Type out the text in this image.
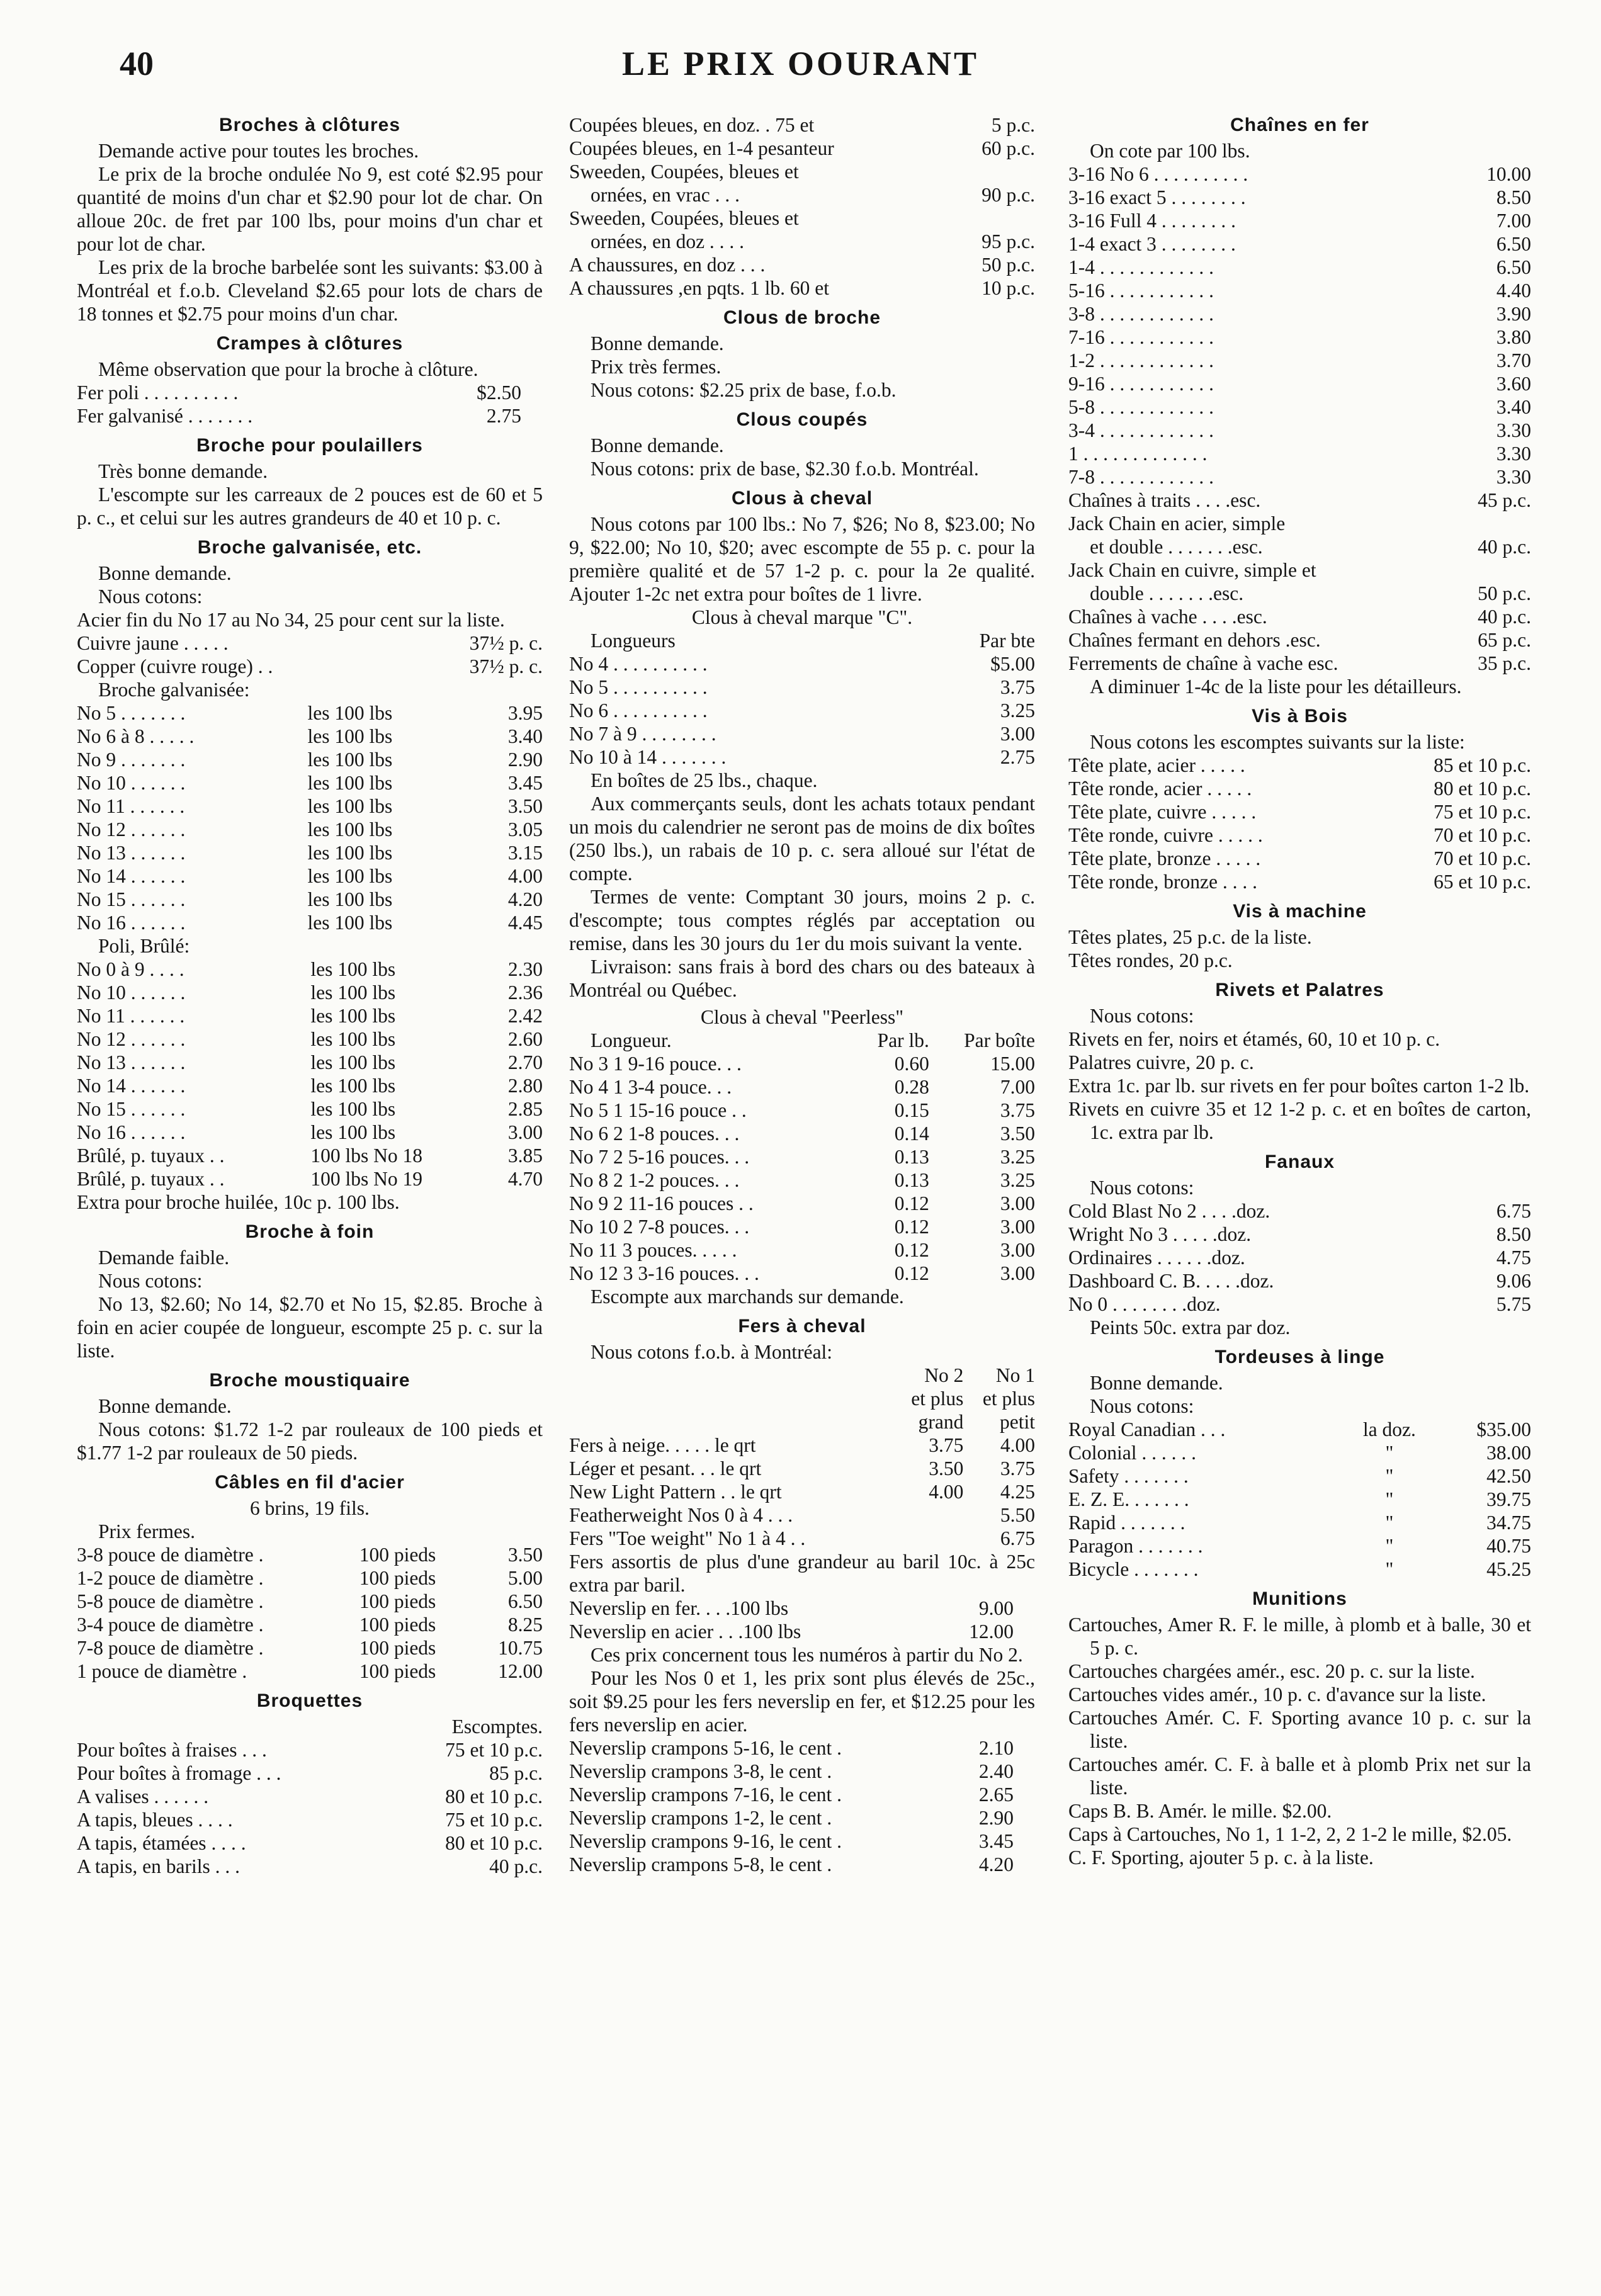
40	LE PRIX OOURANT
Broches à clôtures
Demande active pour toutes les broches.
Le prix de la broche ondulée No 9, est coté $2.95 pour quantité de moins d'un char et $2.90 pour lot de char. On alloue 20c. de fret par 100 lbs, pour moins d'un char et pour lot de char.
Les prix de la broche barbelée sont les suivants: $3.00 à Montréal et f.o.b. Cleveland $2.65 pour lots de chars de 18 tonnes et $2.75 pour moins d'un char.
Crampes à clôtures
Même observation que pour la broche à clôture.
Fer poli . . . . . . . . . .	$2.50
Fer galvanisé . . . . . . .	2.75
Broche pour poulaillers
Très bonne demande.
L'escompte sur les carreaux de 2 pouces est de 60 et 5 p. c., et celui sur les autres grandeurs de 40 et 10 p. c.
Broche galvanisée, etc.
Bonne demande.
Nous cotons:
Acier fin du No 17 au No 34, 25 pour cent sur la liste.
Cuivre jaune . . . . .	37½ p. c.
Copper (cuivre rouge) . .	37½ p. c.
Broche galvanisée:
No 5 . . . . . . .	les 100 lbs	3.95
No 6 à 8 . . . . .	les 100 lbs	3.40
No 9 . . . . . . .	les 100 lbs	2.90
No 10 . . . . . .	les 100 lbs	3.45
No 11 . . . . . .	les 100 lbs	3.50
No 12 . . . . . .	les 100 lbs	3.05
No 13 . . . . . .	les 100 lbs	3.15
No 14 . . . . . .	les 100 lbs	4.00
No 15 . . . . . .	les 100 lbs	4.20
No 16 . . . . . .	les 100 lbs	4.45
Poli, Brûlé:
No 0 à 9 . . . .	les 100 lbs	2.30
No 10 . . . . . .	les 100 lbs	2.36
No 11 . . . . . .	les 100 lbs	2.42
No 12 . . . . . .	les 100 lbs	2.60
No 13 . . . . . .	les 100 lbs	2.70
No 14 . . . . . .	les 100 lbs	2.80
No 15 . . . . . .	les 100 lbs	2.85
No 16 . . . . . .	les 100 lbs	3.00
Brûlé, p. tuyaux . .	100 lbs No 18	3.85
Brûlé, p. tuyaux . .	100 lbs No 19	4.70
Extra pour broche huilée, 10c p. 100 lbs.
Broche à foin
Demande faible.
Nous cotons:
No 13, $2.60; No 14, $2.70 et No 15, $2.85. Broche à foin en acier coupée de longueur, escompte 25 p. c. sur la liste.
Broche moustiquaire
Bonne demande.
Nous cotons: $1.72 1-2 par rouleaux de 100 pieds et $1.77 1-2 par rouleaux de 50 pieds.
Câbles en fil d'acier
6 brins, 19 fils.
Prix fermes.
3-8 pouce de diamètre .	100 pieds	3.50
1-2 pouce de diamètre .	100 pieds	5.00
5-8 pouce de diamètre .	100 pieds	6.50
3-4 pouce de diamètre .	100 pieds	8.25
7-8 pouce de diamètre .	100 pieds	10.75
1 pouce de diamètre .	100 pieds	12.00
Broquettes
Escomptes.
Pour boîtes à fraises . . .	75 et 10 p.c.
Pour boîtes à fromage . . .	85 p.c.
A valises . . . . . .	80 et 10 p.c.
A tapis, bleues . . . .	75 et 10 p.c.
A tapis, étamées . . . .	80 et 10 p.c.
A tapis, en barils . . .	40 p.c.
Coupées bleues, en doz. . 75 et	5 p.c.
Coupées bleues, en 1-4 pesanteur	60 p.c.
Sweeden, Coupées, bleues et
ornées, en vrac . . .	90 p.c.
Sweeden, Coupées, bleues et
ornées, en doz . . . .	95 p.c.
A chaussures, en doz . . .	50 p.c.
A chaussures ,en pqts. 1 lb. 60 et	10 p.c.
Clous de broche
Bonne demande.
Prix très fermes.
Nous cotons: $2.25 prix de base, f.o.b.
Clous coupés
Bonne demande.
Nous cotons: prix de base, $2.30 f.o.b. Montréal.
Clous à cheval
Nous cotons par 100 lbs.: No 7, $26; No 8, $23.00; No 9, $22.00; No 10, $20; avec escompte de 55 p. c. pour la première qualité et de 57 1-2 p. c. pour la 2e qualité. Ajouter 1-2c net extra pour boîtes de 1 livre.
Clous à cheval marque "C".
Longueurs	Par bte
No 4 . . . . . . . . . .	$5.00
No 5 . . . . . . . . . .	3.75
No 6 . . . . . . . . . .	3.25
No 7 à 9 . . . . . . . .	3.00
No 10 à 14 . . . . . . .	2.75
En boîtes de 25 lbs., chaque.
Aux commerçants seuls, dont les achats totaux pendant un mois du calendrier ne seront pas de moins de dix boîtes (250 lbs.), un rabais de 10 p. c. sera alloué sur l'état de compte.
Termes de vente: Comptant 30 jours, moins 2 p. c. d'escompte; tous comptes réglés par acceptation ou remise, dans les 30 jours du 1er du mois suivant la vente.
Livraison: sans frais à bord des chars ou des bateaux à Montréal ou Québec.
Clous à cheval "Peerless"
Longueur.	Par lb.	Par boîte
No 3 1 9-16 pouce. . .	0.60	15.00
No 4 1 3-4 pouce. . .	0.28	7.00
No 5 1 15-16 pouce . .	0.15	3.75
No 6 2 1-8 pouces. . .	0.14	3.50
No 7 2 5-16 pouces. . .	0.13	3.25
No 8 2 1-2 pouces. . .	0.13	3.25
No 9 2 11-16 pouces . .	0.12	3.00
No 10 2 7-8 pouces. . .	0.12	3.00
No 11 3 pouces. . . . .	0.12	3.00
No 12 3 3-16 pouces. . .	0.12	3.00
Escompte aux marchands sur demande.
Fers à cheval
Nous cotons f.o.b. à Montréal:
	No 2	No 1
	et plus	et plus
	grand	petit
Fers à neige. . . . . le qrt	3.75	4.00
Léger et pesant. . . le qrt	3.50	3.75
New Light Pattern . . le qrt	4.00	4.25
Featherweight Nos 0 à 4 . . .		5.50
Fers "Toe weight" No 1 à 4 . .		6.75
Fers assortis de plus d'une grandeur au baril 10c. à 25c extra par baril.
Neverslip en fer. . . .100 lbs	9.00
Neverslip en acier . . .100 lbs	12.00
Ces prix concernent tous les numéros à partir du No 2.
Pour les Nos 0 et 1, les prix sont plus élevés de 25c., soit $9.25 pour les fers neverslip en fer, et $12.25 pour les fers neverslip en acier.
Neverslip crampons 5-16, le cent .	2.10
Neverslip crampons 3-8, le cent .	2.40
Neverslip crampons 7-16, le cent .	2.65
Neverslip crampons 1-2, le cent .	2.90
Neverslip crampons 9-16, le cent .	3.45
Neverslip crampons 5-8, le cent .	4.20
Chaînes en fer
On cote par 100 lbs.
3-16 No 6 . . . . . . . . . .	10.00
3-16 exact 5 . . . . . . . .	8.50
3-16 Full 4 . . . . . . . .	7.00
1-4 exact 3 . . . . . . . .	6.50
1-4 . . . . . . . . . . . .	6.50
5-16 . . . . . . . . . . .	4.40
3-8 . . . . . . . . . . . .	3.90
7-16 . . . . . . . . . . .	3.80
1-2 . . . . . . . . . . . .	3.70
9-16 . . . . . . . . . . .	3.60
5-8 . . . . . . . . . . . .	3.40
3-4 . . . . . . . . . . . .	3.30
1 . . . . . . . . . . . . .	3.30
7-8 . . . . . . . . . . . .	3.30
Chaînes à traits . . . .esc.	45 p.c.
Jack Chain en acier, simple
et double . . . . . . .esc.	40 p.c.
Jack Chain en cuivre, simple et
double . . . . . . .esc.	50 p.c.
Chaînes à vache . . . .esc.	40 p.c.
Chaînes fermant en dehors .esc.	65 p.c.
Ferrements de chaîne à vache esc.	35 p.c.
A diminuer 1-4c de la liste pour les détailleurs.
Vis à Bois
Nous cotons les escomptes suivants sur la liste:
Tête plate, acier . . . . .	85 et 10 p.c.
Tête ronde, acier . . . . .	80 et 10 p.c.
Tête plate, cuivre . . . . .	75 et 10 p.c.
Tête ronde, cuivre . . . . .	70 et 10 p.c.
Tête plate, bronze . . . . .	70 et 10 p.c.
Tête ronde, bronze . . . .	65 et 10 p.c.
Vis à machine
Têtes plates, 25 p.c. de la liste.
Têtes rondes, 20 p.c.
Rivets et Palatres
Nous cotons:
Rivets en fer, noirs et étamés, 60, 10 et 10 p. c.
Palatres cuivre, 20 p. c.
Extra 1c. par lb. sur rivets en fer pour boîtes carton 1-2 lb.
Rivets en cuivre 35 et 12 1-2 p. c. et en boîtes de carton, 1c. extra par lb.
Fanaux
Nous cotons:
Cold Blast No 2 . . . .doz.	6.75
Wright No 3 . . . . .doz.	8.50
Ordinaires . . . . . .doz.	4.75
Dashboard C. B. . . . .doz.	9.06
No 0 . . . . . . . .doz.	5.75
Peints 50c. extra par doz.
Tordeuses à linge
Bonne demande.
Nous cotons:
Royal Canadian . . .	la doz.	$35.00
Colonial . . . . . .	"	38.00
Safety . . . . . . .	"	42.50
E. Z. E. . . . . . .	"	39.75
Rapid . . . . . . .	"	34.75
Paragon . . . . . . .	"	40.75
Bicycle . . . . . . .	"	45.25
Munitions
Cartouches, Amer R. F. le mille, à plomb et à balle, 30 et 5 p. c.
Cartouches chargées amér., esc. 20 p. c. sur la liste.
Cartouches vides amér., 10 p. c. d'avance sur la liste.
Cartouches Amér. C. F. Sporting avance 10 p. c. sur la liste.
Cartouches amér. C. F. à balle et à plomb Prix net sur la liste.
Caps B. B. Amér. le mille. $2.00.
Caps à Cartouches, No 1, 1 1-2, 2, 2 1-2 le mille, $2.05.
C. F. Sporting, ajouter 5 p. c. à la liste.
